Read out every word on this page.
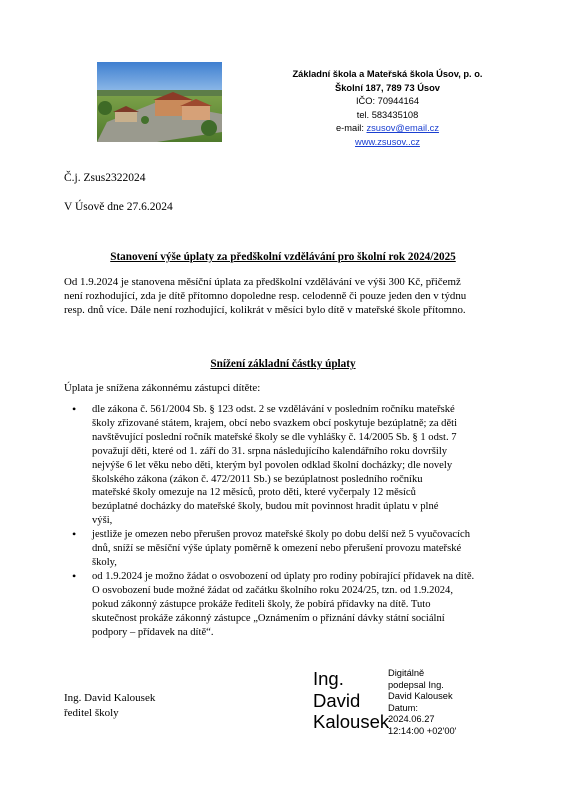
Základní škola a Mateřská škola Úsov, p. o.
Školní 187, 789 73 Úsov
IČO: 70944164
tel. 583435108
e-mail: zsusov@email.cz
www.zsusov..cz
Č.j. Zsus2322024
V Úsově dne 27.6.2024
Stanovení výše úplaty za předškolní vzdělávání pro školní rok 2024/2025
Od 1.9.2024 je stanovena měsíční úplata za předškolní vzdělávání ve výši 300 Kč, přičemž
není rozhodující, zda je dítě přítomno dopoledne resp. celodenně či pouze jeden den v týdnu
resp. dnů více. Dále není rozhodující, kolikrát v měsíci bylo dítě v mateřské škole přítomno.
Snížení základní částky úplaty
Úplata je snížena zákonnému zástupci dítěte:
• dle zákona č. 561/2004 Sb. § 123 odst. 2 se vzdělávání v posledním ročníku mateřské
školy zřizované státem, krajem, obcí nebo svazkem obcí poskytuje bezúplatně; za děti
navštěvující poslední ročník mateřské školy se dle vyhlášky č. 14/2005 Sb. § 1 odst. 7
považují děti, které od 1. září do 31. srpna následujícího kalendářního roku dovršily
nejvýše 6 let věku nebo děti, kterým byl povolen odklad školní docházky; dle novely
školského zákona (zákon č. 472/2011 Sb.) se bezúplatnost posledního ročníku
mateřské školy omezuje na 12 měsíců, proto děti, které vyčerpaly 12 měsíců
bezúplatné docházky do mateřské školy, budou mít povinnost hradit úplatu v plné
výši,
• jestliže je omezen nebo přerušen provoz mateřské školy po dobu delší než 5 vyučovacích
dnů, sníží se měsíční výše úplaty poměrně k omezení nebo přerušení provozu mateřské
školy,
• od 1.9.2024 je možno žádat o osvobození od úplaty pro rodiny pobírající přídavek na dítě.
O osvobození bude možné žádat od začátku školního roku 2024/25, tzn. od 1.9.2024,
pokud zákonný zástupce prokáže řediteli školy, že pobírá přídavky na dítě. Tuto
skutečnost prokáže zákonný zástupce „Oznámením o přiznání dávky státní sociální
podpory – přídavek na dítě“.
Ing. David Kalousek
ředitel školy
Ing.
David
Kalousek
Digitálně
podepsal Ing.
David Kalousek
Datum:
2024.06.27
12:14:00 +02'00'
